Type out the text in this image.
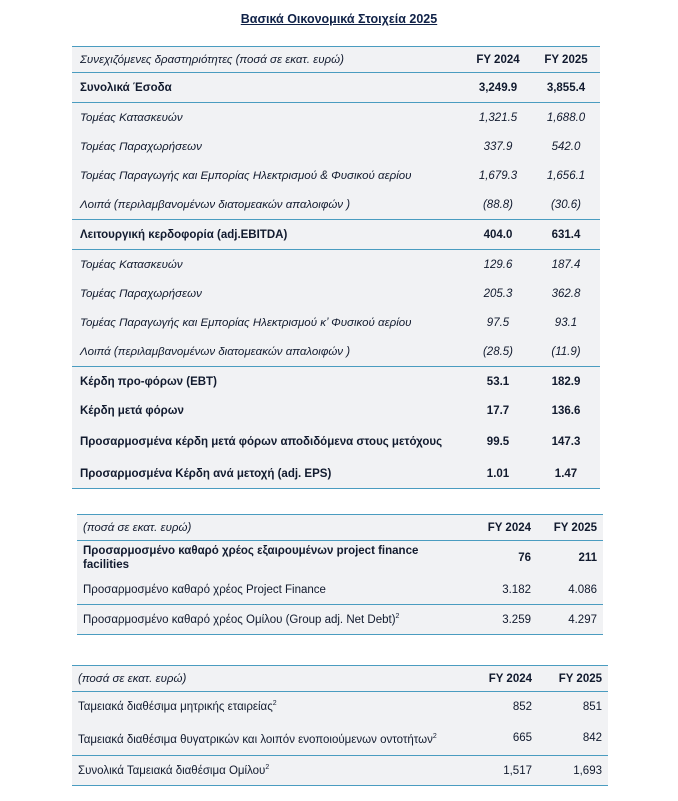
Βασικά Οικονομικά Στοιχεία 2025
Συνεχιζόμενες δραστηριότητες (ποσά σε εκατ. ευρώ)	FY 2024	FY 2025
Συνολικά Έσοδα	3,249.9	3,855.4
Τομέας Κατασκευών	1,321.5	1,688.0
Τομέας Παραχωρήσεων	337.9	542.0
Τομέας Παραγωγής και Εμπορίας Ηλεκτρισμού & Φυσικού αερίου	1,679.3	1,656.1
Λοιπά (περιλαμβανομένων διατομεακών απαλοιφών )	(88.8)	(30.6)
Λειτουργική κερδοφορία (adj.EBITDA)	404.0	631.4
Τομέας Κατασκευών	129.6	187.4
Τομέας Παραχωρήσεων	205.3	362.8
Τομέας Παραγωγής και Εμπορίας Ηλεκτρισμού κ’ Φυσικού αερίου	97.5	93.1
Λοιπά (περιλαμβανομένων διατομεακών απαλοιφών )	(28.5)	(11.9)
Κέρδη προ-φόρων (EBT)	53.1	182.9
Κέρδη μετά φόρων	17.7	136.6
Προσαρμοσμένα κέρδη μετά φόρων αποδιδόμενα στους μετόχους	99.5	147.3
Προσαρμοσμένα Κέρδη ανά μετοχή (adj. EPS)	1.01	1.47
(ποσά σε εκατ. ευρώ)	FY 2024	FY 2025
Προσαρμοσμένο καθαρό χρέος εξαιρουμένων project finance facilities	76	211
Προσαρμοσμένο καθαρό χρέος Project Finance	3.182	4.086
Προσαρμοσμένο καθαρό χρέος Ομίλου (Group adj. Net Debt)$^2$	3.259	4.297
(ποσά σε εκατ. ευρώ)	FY 2024	FY 2025
Ταμειακά διαθέσιμα μητρικής εταιρείας$^2$	852	851
Ταμειακά διαθέσιμα θυγατρικών και λοιπόν ενοποιούμενων οντοτήτων$^2$	665	842
Συνολικά Ταμειακά διαθέσιμα Ομίλου$^2$	1,517	1,693
